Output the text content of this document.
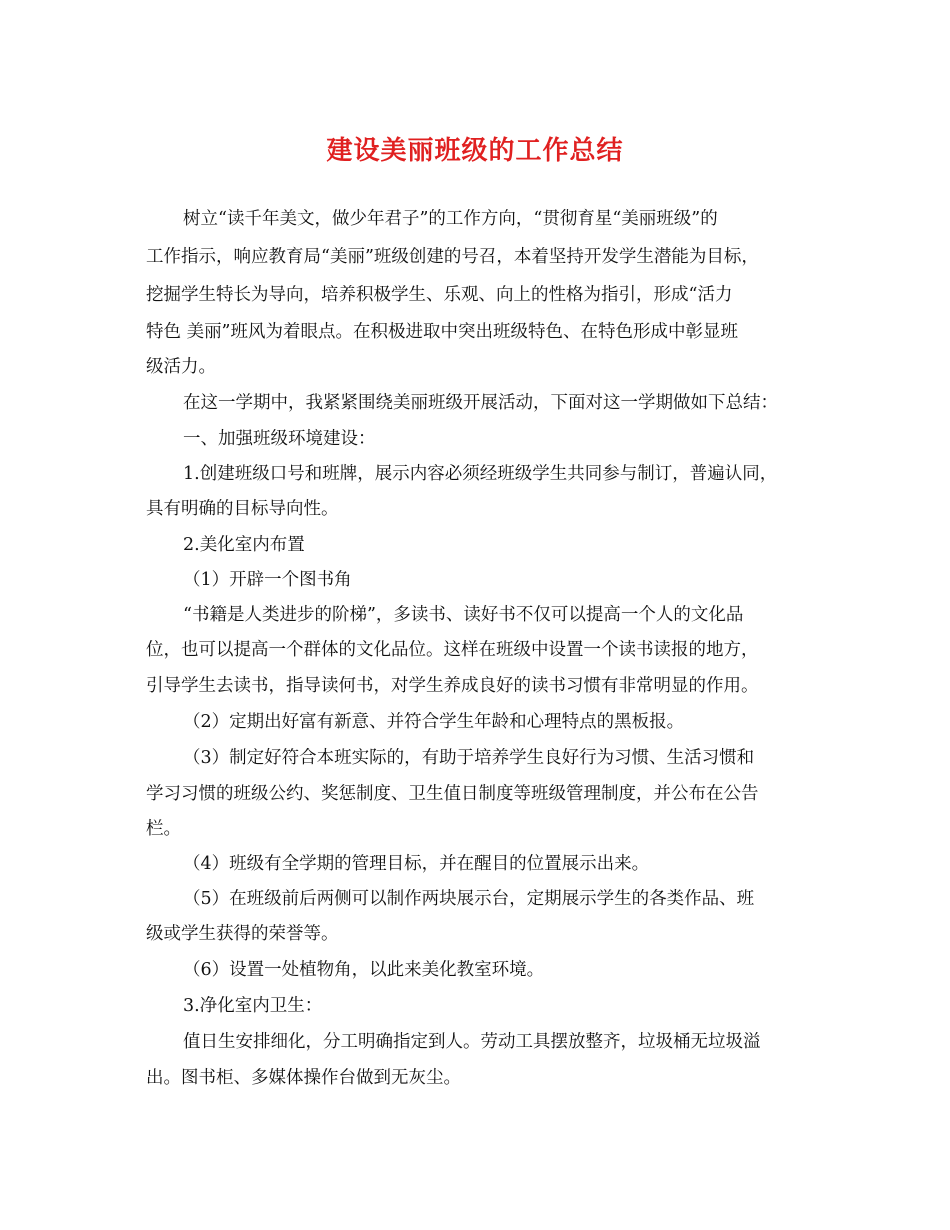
建设美丽班级的工作总结
树立“读千年美文，做少年君子”的工作方向，“贯彻育星“美丽班级”的
工作指示，响应教育局“美丽”班级创建的号召，本着坚持开发学生潜能为目标，
挖掘学生特长为导向，培养积极学生、乐观、向上的性格为指引，形成“活力
特色 美丽”班风为着眼点。在积极进取中突出班级特色、在特色形成中彰显班
级活力。
在这一学期中，我紧紧围绕美丽班级开展活动，下面对这一学期做如下总结：
一、加强班级环境建设：
1.创建班级口号和班牌，展示内容必须经班级学生共同参与制订，普遍认同，
具有明确的目标导向性。
2.美化室内布置
（1）开辟一个图书角
“书籍是人类进步的阶梯”，多读书、读好书不仅可以提高一个人的文化品
位，也可以提高一个群体的文化品位。这样在班级中设置一个读书读报的地方，
引导学生去读书，指导读何书，对学生养成良好的读书习惯有非常明显的作用。
（2）定期出好富有新意、并符合学生年龄和心理特点的黑板报。
（3）制定好符合本班实际的，有助于培养学生良好行为习惯、生活习惯和
学习习惯的班级公约、奖惩制度、卫生值日制度等班级管理制度，并公布在公告
栏。
（4）班级有全学期的管理目标，并在醒目的位置展示出来。
（5）在班级前后两侧可以制作两块展示台，定期展示学生的各类作品、班
级或学生获得的荣誉等。
（6）设置一处植物角，以此来美化教室环境。
3.净化室内卫生：
值日生安排细化，分工明确指定到人。劳动工具摆放整齐，垃圾桶无垃圾溢
出。图书柜、多媒体操作台做到无灰尘。
